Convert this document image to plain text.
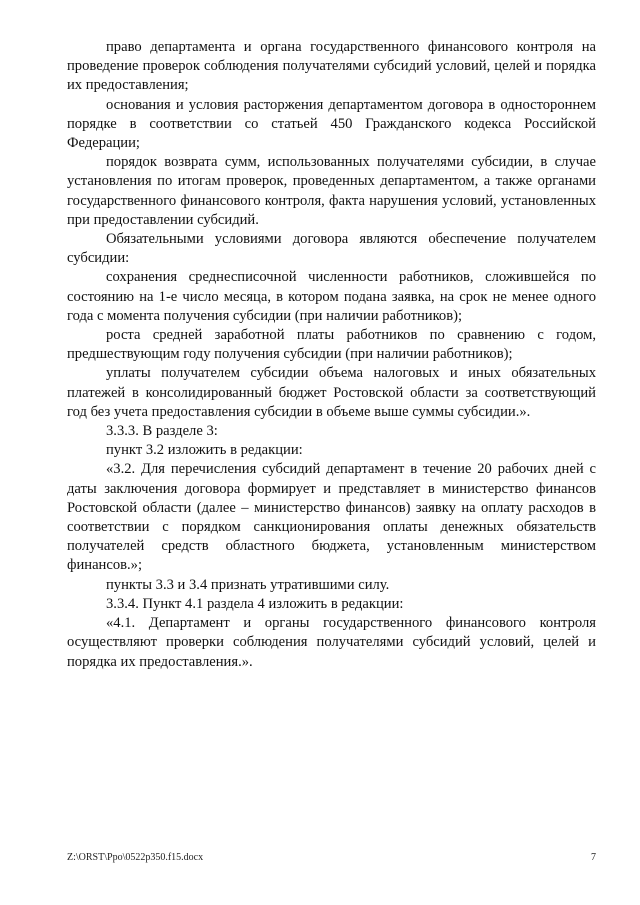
право департамента и органа государственного финансового контроля на проведение проверок соблюдения получателями субсидий условий, целей и порядка их предоставления;

основания и условия расторжения департаментом договора в одностороннем порядке в соответствии со статьей 450 Гражданского кодекса Российской Федерации;

порядок возврата сумм, использованных получателями субсидии, в случае установления по итогам проверок, проведенных департаментом, а также органами государственного финансового контроля, факта нарушения условий, установленных при предоставлении субсидий.

Обязательными условиями договора являются обеспечение получателем субсидии:

сохранения среднесписочной численности работников, сложившейся по состоянию на 1-е число месяца, в котором подана заявка, на срок не менее одного года с момента получения субсидии (при наличии работников);

роста средней заработной платы работников по сравнению с годом, предшествующим году получения субсидии (при наличии работников);

уплаты получателем субсидии объема налоговых и иных обязательных платежей в консолидированный бюджет Ростовской области за соответствующий год без учета предоставления субсидии в объеме выше суммы субсидии.».

3.3.3. В разделе 3:

пункт 3.2 изложить в редакции:

«3.2. Для перечисления субсидий департамент в течение 20 рабочих дней с даты заключения договора формирует и представляет в министерство финансов Ростовской области (далее – министерство финансов) заявку на оплату расходов в соответствии с порядком санкционирования оплаты денежных обязательств получателей средств областного бюджета, установленным министерством финансов.»;

пункты 3.3 и 3.4 признать утратившими силу.

3.3.4. Пункт 4.1 раздела 4 изложить в редакции:

«4.1. Департамент и органы государственного финансового контроля осуществляют проверки соблюдения получателями субсидий условий, целей и порядка их предоставления.».

Z:\ORST\Ppo\0522p350.f15.docx	7
